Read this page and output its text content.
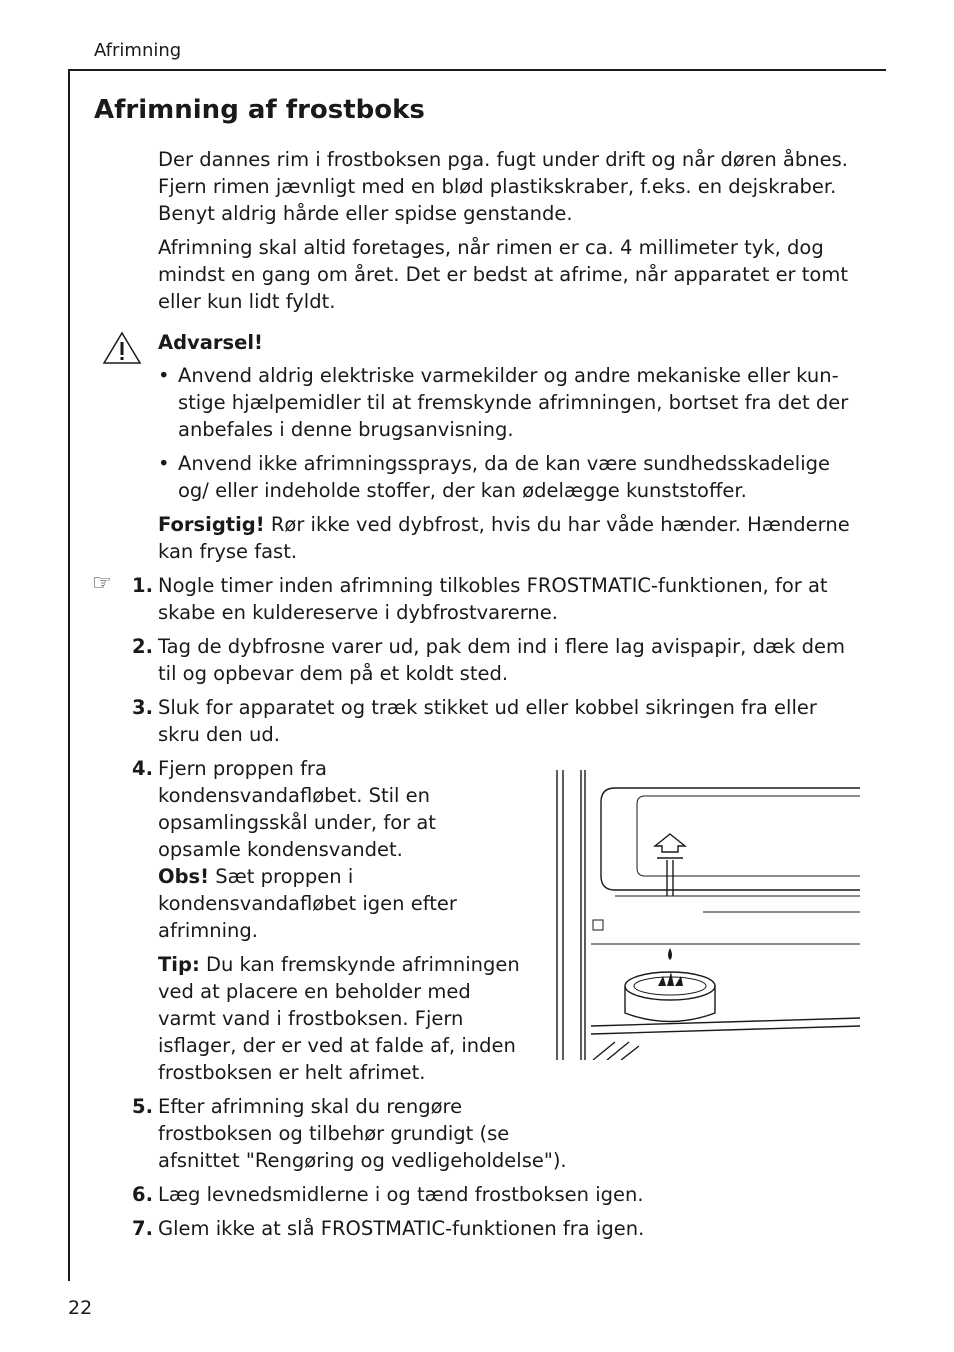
Afrimning
22
Afrimning af frostboks

Der dannes rim i frostboksen pga. fugt under drift og når døren åbnes. Fjern rimen jævnligt med en blød plastikskraber, f.eks. en dejskraber. Benyt aldrig hårde eller spidse genstande.

Afrimning skal altid foretages, når rimen er ca. 4 millimeter tyk, dog mindst en gang om året. Det er bedst at afrime, når apparatet er tomt eller kun lidt fyldt.

Advarsel!

• Anvend aldrig elektriske varmekilder og andre mekaniske eller kun-stige hjælpemidler til at fremskynde afrimningen, bortset fra det der anbefales i denne brugsanvisning.
• Anvend ikke afrimningssprays, da de kan være sundhedsskadelige og/ eller indeholde stoffer, der kan ødelægge kunststoffer.

Forsigtig! Rør ikke ved dybfrost, hvis du har våde hænder. Hænderne kan fryse fast.

☞ 1. Nogle timer inden afrimning tilkobles FROSTMATIC-funktionen, for at skabe en kuldereserve i dybfrostvarerne.
2. Tag de dybfrosne varer ud, pak dem ind i flere lag avispapir, dæk dem til og opbevar dem på et koldt sted.
3. Sluk for apparatet og træk stikket ud eller kobbel sikringen fra eller skru den ud.
4. Fjern proppen fra kondensvandafløbet. Stil en opsamlingsskål under, for at opsamle kondensvandet.
Obs! Sæt proppen i kondensvandafløbet igen efter afrimning.

Tip: Du kan fremskynde afrimningen ved at placere en beholder med varmt vand i frostboksen. Fjern isflager, der er ved at falde af, inden frostboksen er helt afrimet.

5. Efter afrimning skal du rengøre frostboksen og tilbehør grundigt (se afsnittet "Rengøring og vedligeholdelse").
6. Læg levnedsmidlerne i og tænd frostboksen igen.
7. Glem ikke at slå FROSTMATIC-funktionen fra igen.
